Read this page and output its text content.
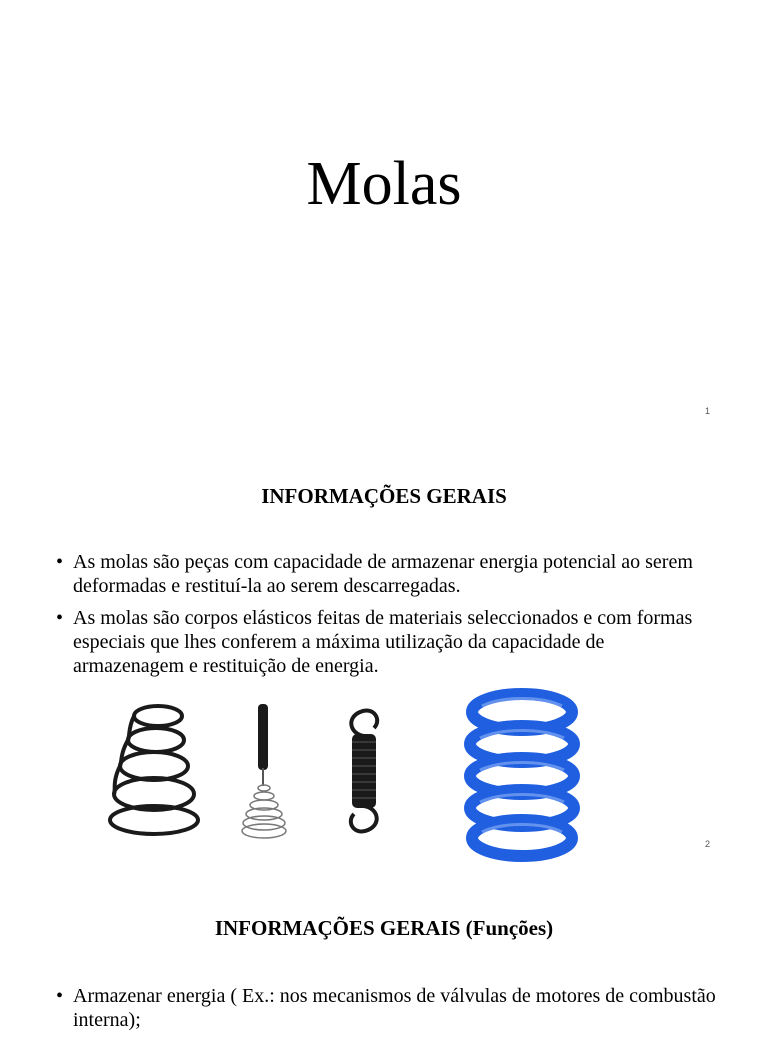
Molas
1
INFORMAÇÕES GERAIS
• As molas são peças com capacidade de armazenar energia potencial ao serem deformadas e restituí-la ao serem descarregadas.
• As molas são corpos elásticos feitas de materiais seleccionados e com formas especiais que lhes conferem a máxima utilização da capacidade de armazenagem e restituição de energia.
2
INFORMAÇÕES GERAIS (Funções)
• Armazenar energia ( Ex.: nos mecanismos de válvulas de motores de combustão interna);
